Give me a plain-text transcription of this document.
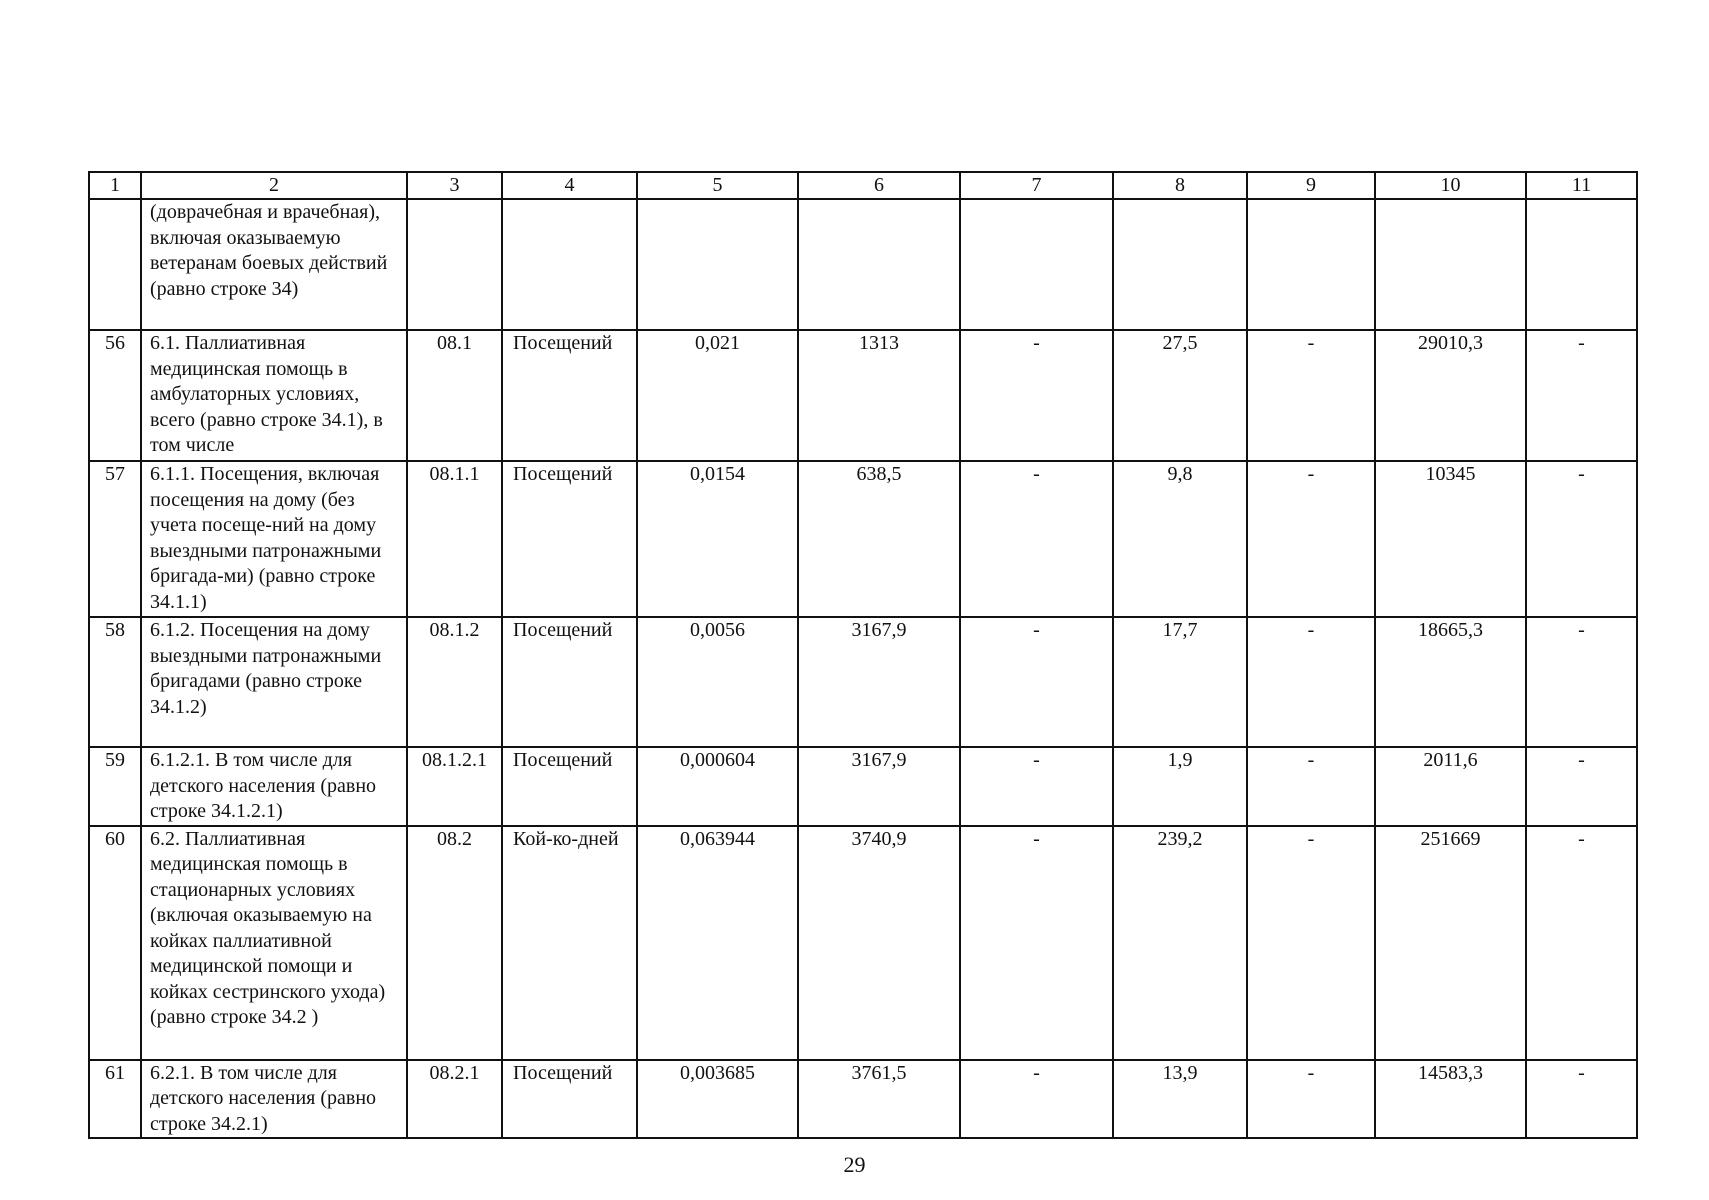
1	2	3	4	5	6	7	8	9	10	11
	(доврачебная и врачебная), включая оказываемую ветеранам боевых действий (равно строке 34)									
56	6.1. Паллиативная медицинская помощь в амбулаторных условиях, всего (равно строке 34.1), в том числе	08.1	Посещений	0,021	1313	-	27,5	-	29010,3	-
57	6.1.1. Посещения, включая посещения на дому (без учета посеще-ний на дому выездными патронажными бригада-ми) (равно строке 34.1.1)	08.1.1	Посещений	0,0154	638,5	-	9,8	-	10345	-
58	6.1.2. Посещения на дому выездными патронажными бригадами (равно строке 34.1.2)	08.1.2	Посещений	0,0056	3167,9	-	17,7	-	18665,3	-
59	6.1.2.1. В том числе для детского населения (равно строке 34.1.2.1)	08.1.2.1	Посещений	0,000604	3167,9	-	1,9	-	2011,6	-
60	6.2. Паллиативная медицинская помощь в стационарных условиях (включая оказываемую на койках паллиативной медицинской помощи и койках сестринского ухода) (равно строке 34.2 )	08.2	Кой-ко-дней	0,063944	3740,9	-	239,2	-	251669	-
61	6.2.1. В том числе для детского населения (равно строке 34.2.1)	08.2.1	Посещений	0,003685	3761,5	-	13,9	-	14583,3	-
29
